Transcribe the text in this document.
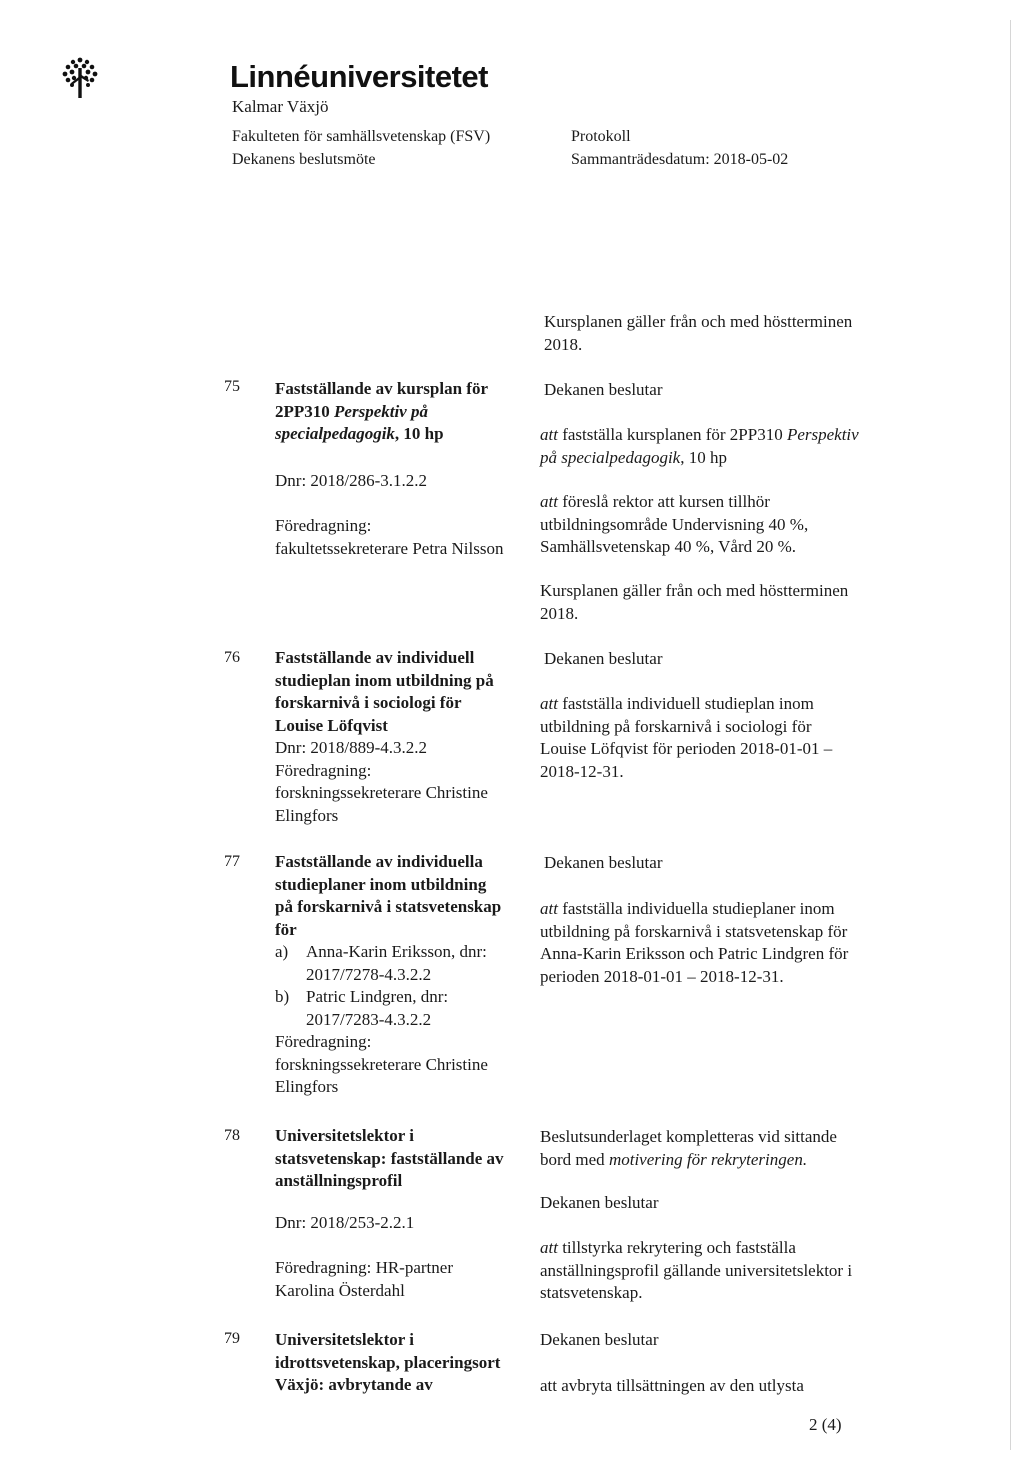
Linnéuniversitetet
Kalmar Växjö
Fakulteten för samhällsvetenskap (FSV)
Dekanens beslutsmöte
Protokoll
Sammanträdesdatum: 2018-05-02
Kursplanen gäller från och med höstterminen
2018.
75 Fastställande av kursplan för
2PP310 Perspektiv på
specialpedagogik, 10 hp
Dnr: 2018/286-3.1.2.2
Föredragning:
fakultetssekreterare Petra Nilsson
Dekanen beslutar
att fastställa kursplanen för 2PP310 Perspektiv
på specialpedagogik, 10 hp
att föreslå rektor att kursen tillhör
utbildningsområde Undervisning 40 %,
Samhällsvetenskap 40 %, Vård 20 %.
Kursplanen gäller från och med höstterminen
2018.
76 Fastställande av individuell
studieplan inom utbildning på
forskarnivå i sociologi för
Louise Löfqvist
Dnr: 2018/889-4.3.2.2
Föredragning:
forskningssekreterare Christine
Elingfors
Dekanen beslutar
att fastställa individuell studieplan inom
utbildning på forskarnivå i sociologi för
Louise Löfqvist för perioden 2018-01-01 –
2018-12-31.
77 Fastställande av individuella
studieplaner inom utbildning
på forskarnivå i statsvetenskap
för
a) Anna-Karin Eriksson, dnr:
2017/7278-4.3.2.2
b) Patric Lindgren, dnr:
2017/7283-4.3.2.2
Föredragning:
forskningssekreterare Christine
Elingfors
Dekanen beslutar
att fastställa individuella studieplaner inom
utbildning på forskarnivå i statsvetenskap för
Anna-Karin Eriksson och Patric Lindgren för
perioden 2018-01-01 – 2018-12-31.
78 Universitetslektor i
statsvetenskap: fastställande av
anställningsprofil
Dnr: 2018/253-2.2.1
Föredragning: HR-partner
Karolina Österdahl
Beslutsunderlaget kompletteras vid sittande
bord med motivering för rekryteringen.
Dekanen beslutar
att tillstyrka rekrytering och fastställa
anställningsprofil gällande universitetslektor i
statsvetenskap.
79 Universitetslektor i
idrottsvetenskap, placeringsort
Växjö: avbrytande av
Dekanen beslutar
att avbryta tillsättningen av den utlysta
2 (4)
